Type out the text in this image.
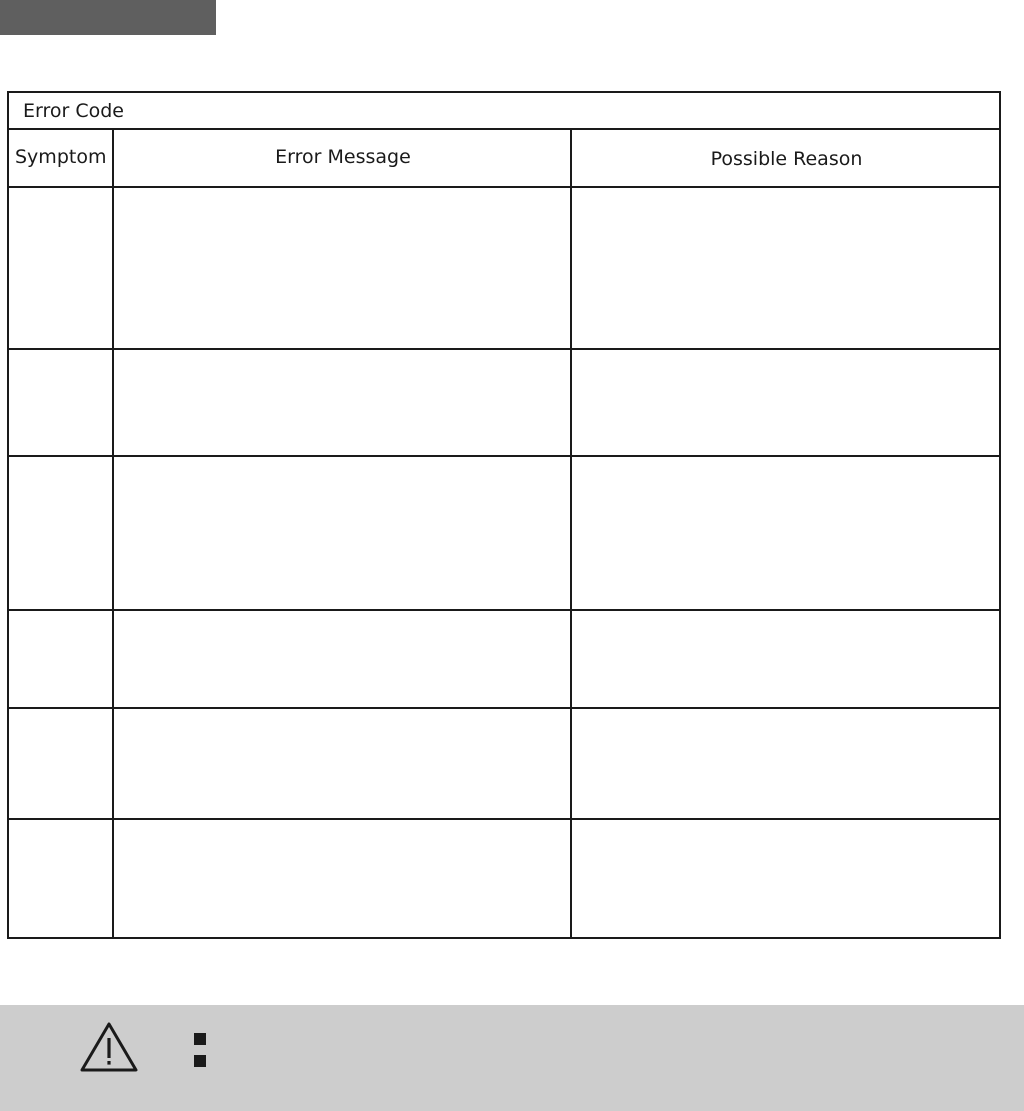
Error Code
Symptom	Error Message	Possible Reason
